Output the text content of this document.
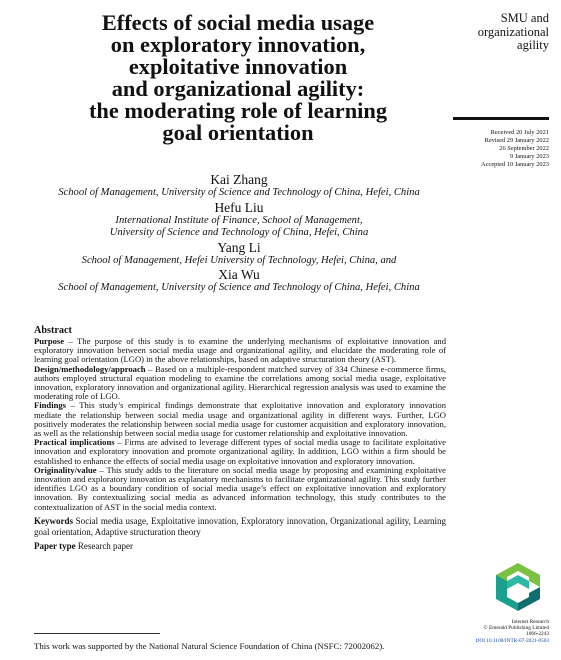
Effects of social media usage
on exploratory innovation,
exploitative innovation
and organizational agility:
the moderating role of learning
goal orientation
SMU and
organizational
agility
Received 20 July 2021
Revised 29 January 2022
26 September 2022
9 January 2023
Accepted 10 January 2023
Kai Zhang
School of Management, University of Science and Technology of China, Hefei, China
Hefu Liu
International Institute of Finance, School of Management,
University of Science and Technology of China, Hefei, China
Yang Li
School of Management, Hefei University of Technology, Hefei, China, and
Xia Wu
School of Management, University of Science and Technology of China, Hefei, China

Abstract

Purpose – The purpose of this study is to examine the underlying mechanisms of exploitative innovation and exploratory innovation between social media usage and organizational agility, and elucidate the moderating role of learning goal orientation (LGO) in the above relationships, based on adaptive structuration theory (AST).

Design/methodology/approach – Based on a multiple-respondent matched survey of 334 Chinese e-commerce firms, authors employed structural equation modeling to examine the correlations among social media usage, exploitative innovation, exploratory innovation and organizational agility. Hierarchical regression analysis was used to examine the moderating role of LGO.

Findings – This study’s empirical findings demonstrate that exploitative innovation and exploratory innovation mediate the relationship between social media usage and organizational agility in different ways. Further, LGO positively moderates the relationship between social media usage for customer acquisition and exploratory innovation, as well as the relationship between social media usage for customer relationship and exploitative innovation.

Practical implications – Firms are advised to leverage different types of social media usage to facilitate exploitative innovation and exploratory innovation and promote organizational agility. In addition, LGO within a firm should be established to enhance the effects of social media usage on exploitative innovation and exploratory innovation.

Originality/value – This study adds to the literature on social media usage by proposing and examining exploitative innovation and exploratory innovation as explanatory mechanisms to facilitate organizational agility. This study further identifies LGO as a boundary condition of social media usage’s effect on exploitative innovation and exploratory innovation. By contextualizing social media as advanced information technology, this study contributes to the contextualization of AST in the social media context.

Keywords Social media usage, Exploitative innovation, Exploratory innovation, Organizational agility, Learning goal orientation, Adaptive structuration theory

Paper type Research paper

Internet Research
© Emerald Publishing Limited
1066-2243
DOI 10.1108/INTR-07-2021-0503
This work was supported by the National Natural Science Foundation of China (NSFC: 72002062).
